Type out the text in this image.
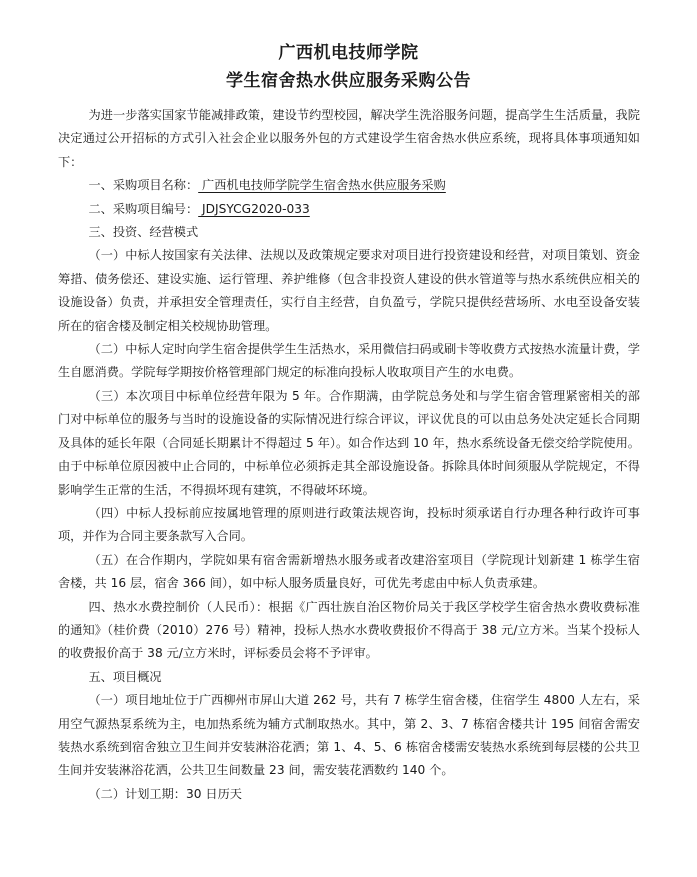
广西机电技师学院
学生宿舍热水供应服务采购公告

为进一步落实国家节能减排政策，建设节约型校园，解决学生洗浴服务问题，提高学生生活质量，我院决定通过公开招标的方式引入社会企业以服务外包的方式建设学生宿舍热水供应系统，现将具体事项通知如下：

一、采购项目名称： 广西机电技师学院学生宿舍热水供应服务采购

二、采购项目编号： JDJSYCG2020-033

三、投资、经营模式

（一）中标人按国家有关法律、法规以及政策规定要求对项目进行投资建设和经营，对项目策划、资金筹措、债务偿还、建设实施、运行管理、养护维修（包含非投资人建设的供水管道等与热水系统供应相关的设施设备）负责，并承担安全管理责任，实行自主经营，自负盈亏，学院只提供经营场所、水电至设备安装所在的宿舍楼及制定相关校规协助管理。

（二）中标人定时向学生宿舍提供学生生活热水，采用微信扫码或刷卡等收费方式按热水流量计费，学生自愿消费。学院每学期按价格管理部门规定的标准向投标人收取项目产生的水电费。

（三）本次项目中标单位经营年限为 5 年。合作期满，由学院总务处和与学生宿舍管理紧密相关的部门对中标单位的服务与当时的设施设备的实际情况进行综合评议，评议优良的可以由总务处决定延长合同期及具体的延长年限（合同延长期累计不得超过 5 年）。如合作达到 10 年，热水系统设备无偿交给学院使用。由于中标单位原因被中止合同的，中标单位必须拆走其全部设施设备。拆除具体时间须服从学院规定，不得影响学生正常的生活，不得损坏现有建筑，不得破坏环境。

（四）中标人投标前应按属地管理的原则进行政策法规咨询，投标时须承诺自行办理各种行政许可事项，并作为合同主要条款写入合同。

（五）在合作期内，学院如果有宿舍需新增热水服务或者改建浴室项目（学院现计划新建 1 栋学生宿舍楼，共 16 层，宿舍 366 间），如中标人服务质量良好，可优先考虑由中标人负责承建。

四、热水水费控制价（人民币）：根据《广西壮族自治区物价局关于我区学校学生宿舍热水费收费标准的通知》（桂价费（2010）276 号）精神，投标人热水水费收费报价不得高于 38 元/立方米。当某个投标人的收费报价高于 38 元/立方米时，评标委员会将不予评审。

五、项目概况

（一）项目地址位于广西柳州市屏山大道 262 号，共有 7 栋学生宿舍楼，住宿学生 4800 人左右，采用空气源热泵系统为主，电加热系统为辅方式制取热水。其中，第 2、3、7 栋宿舍楼共计 195 间宿舍需安装热水系统到宿舍独立卫生间并安装淋浴花洒；第 1、4、5、6 栋宿舍楼需安装热水系统到每层楼的公共卫生间并安装淋浴花洒，公共卫生间数量 23 间，需安装花洒数约 140 个。

（二）计划工期：30 日历天
